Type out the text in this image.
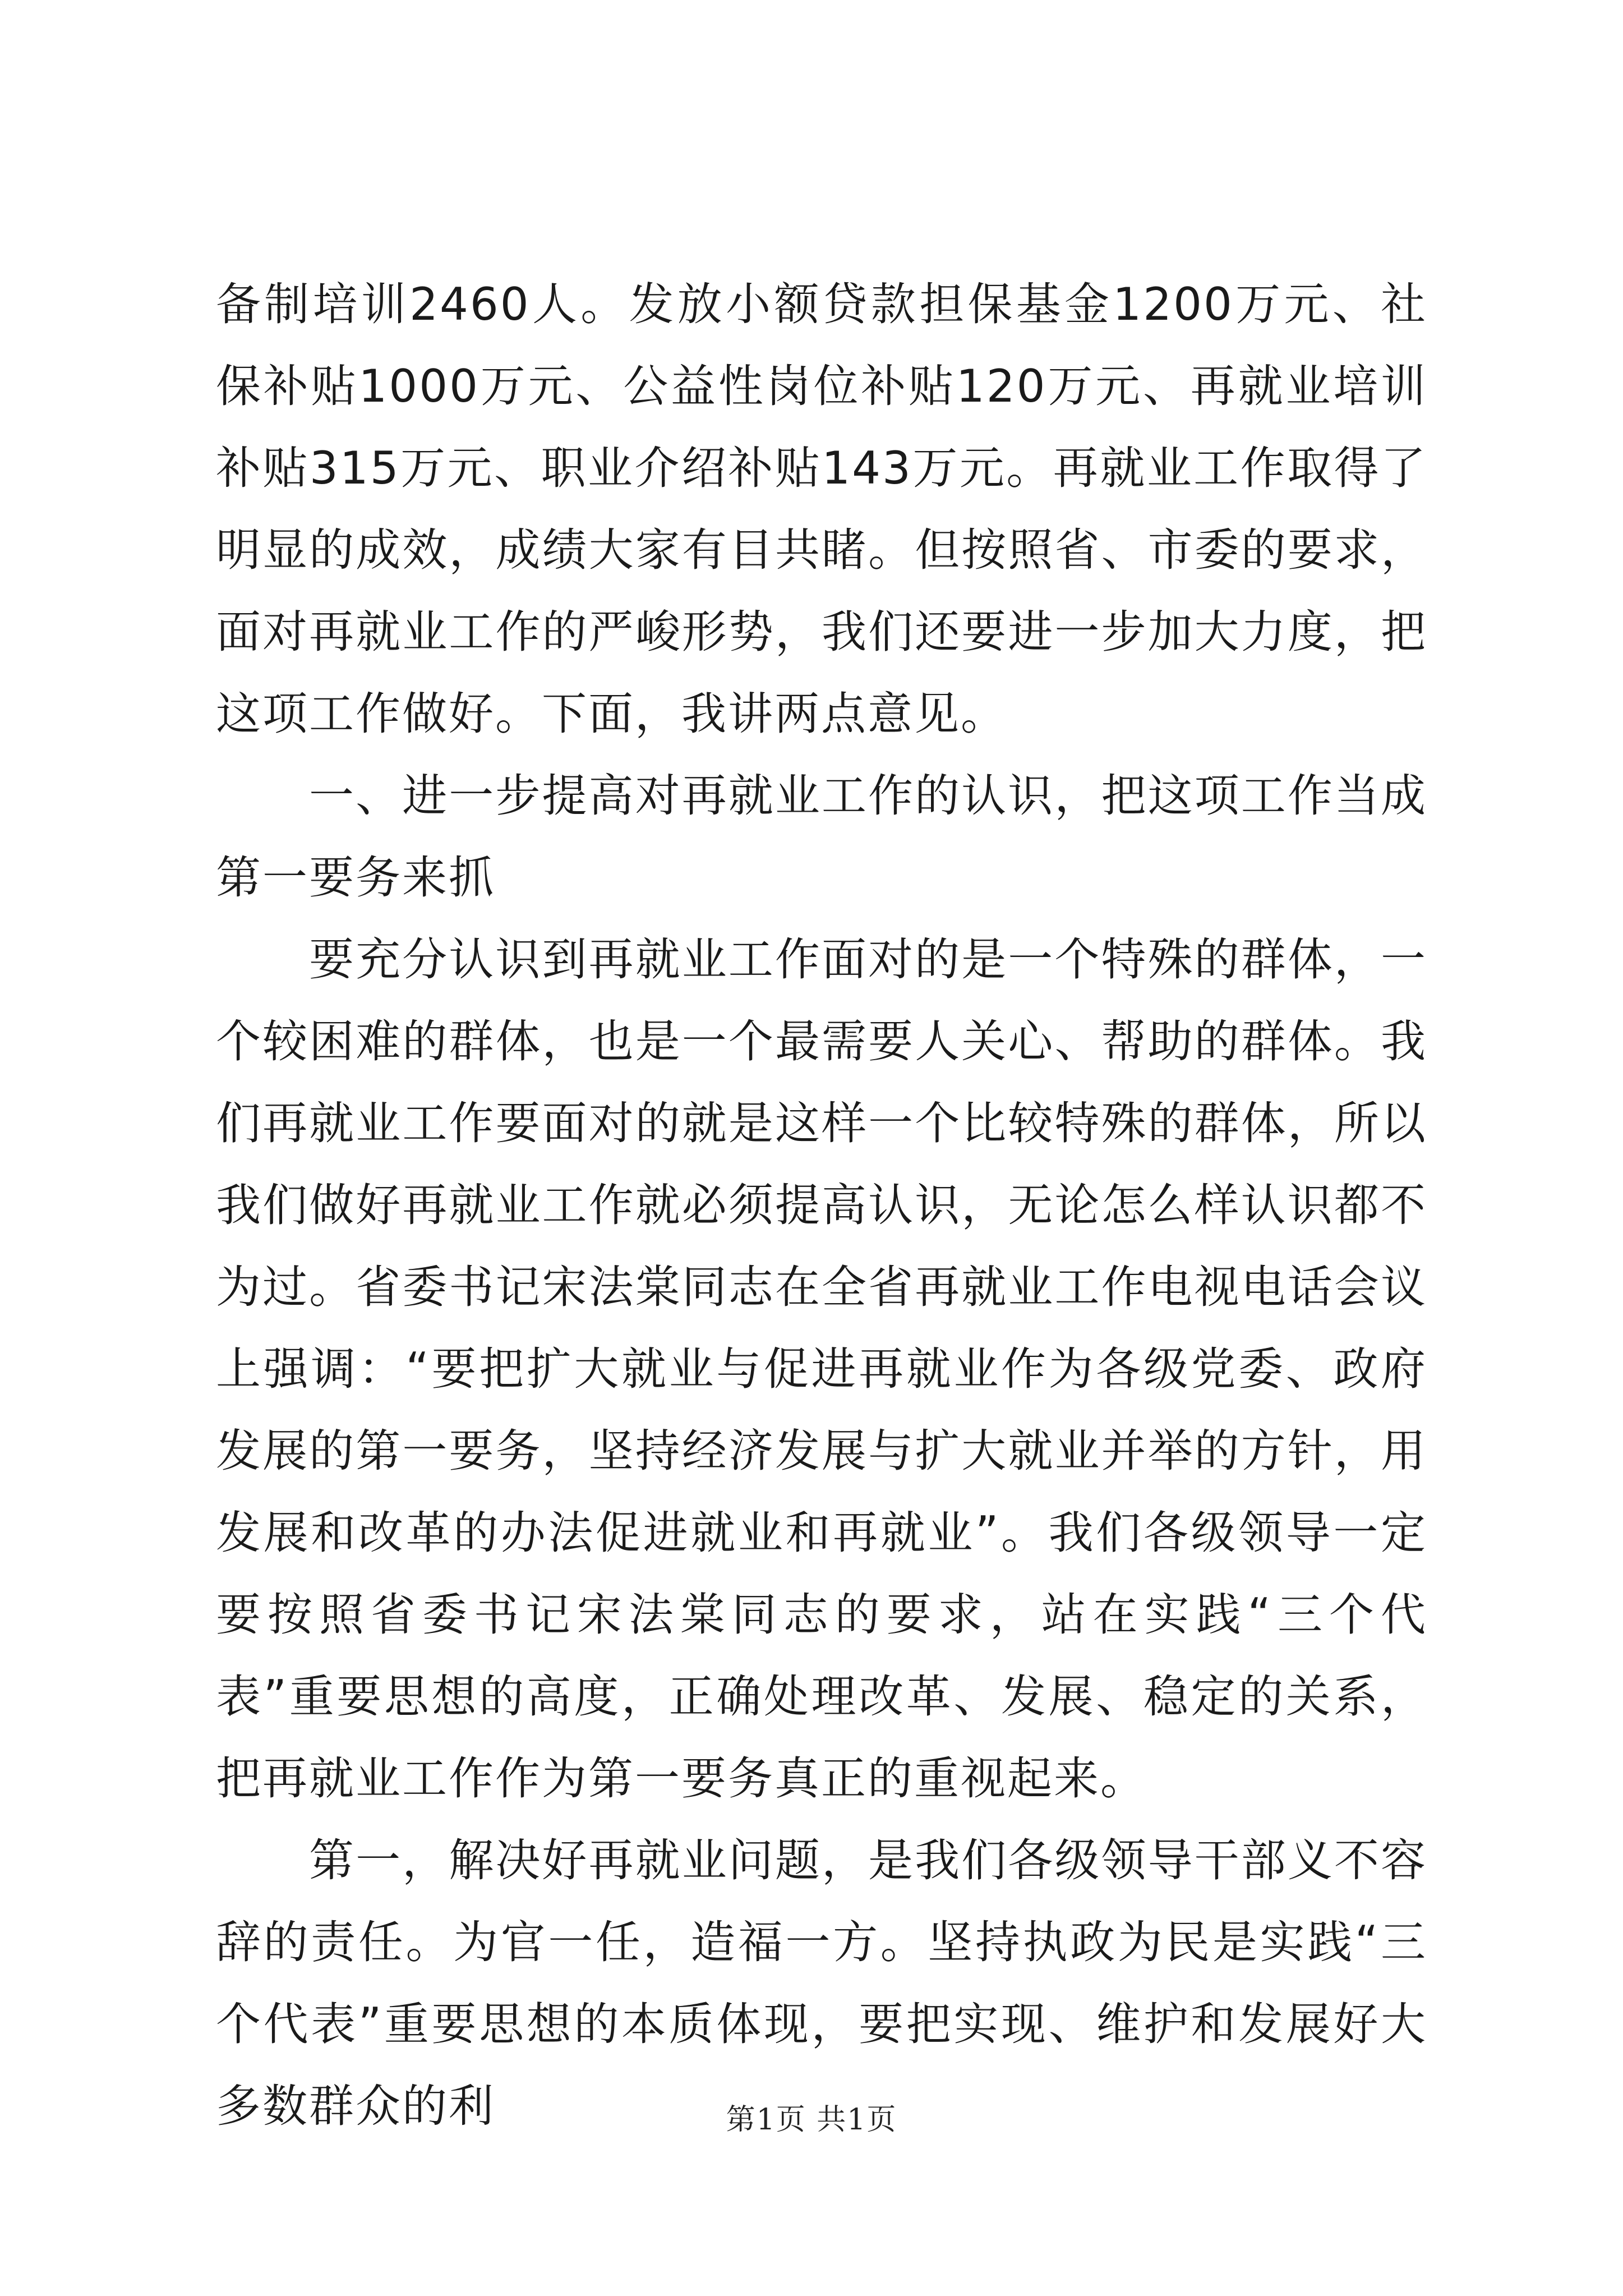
备制培训2460人。发放小额贷款担保基金1200万元、社保补贴1000万元、公益性岗位补贴120万元、再就业培训补贴315万元、职业介绍补贴143万元。再就业工作取得了明显的成效，成绩大家有目共睹。但按照省、市委的要求，面对再就业工作的严峻形势，我们还要进一步加大力度，把这项工作做好。下面，我讲两点意见。

一、进一步提高对再就业工作的认识，把这项工作当成第一要务来抓

要充分认识到再就业工作面对的是一个特殊的群体，一个较困难的群体，也是一个最需要人关心、帮助的群体。我们再就业工作要面对的就是这样一个比较特殊的群体，所以我们做好再就业工作就必须提高认识，无论怎么样认识都不为过。省委书记宋法棠同志在全省再就业工作电视电话会议上强调：“要把扩大就业与促进再就业作为各级党委、政府发展的第一要务，坚持经济发展与扩大就业并举的方针，用发展和改革的办法促进就业和再就业”。我们各级领导一定要按照省委书记宋法棠同志的要求，站在实践“三个代表”重要思想的高度，正确处理改革、发展、稳定的关系，把再就业工作作为第一要务真正的重视起来。

第一，解决好再就业问题，是我们各级领导干部义不容辞的责任。为官一任，造福一方。坚持执政为民是实践“三个代表”重要思想的本质体现，要把实现、维护和发展好大多数群众的利	第1页 共1页
